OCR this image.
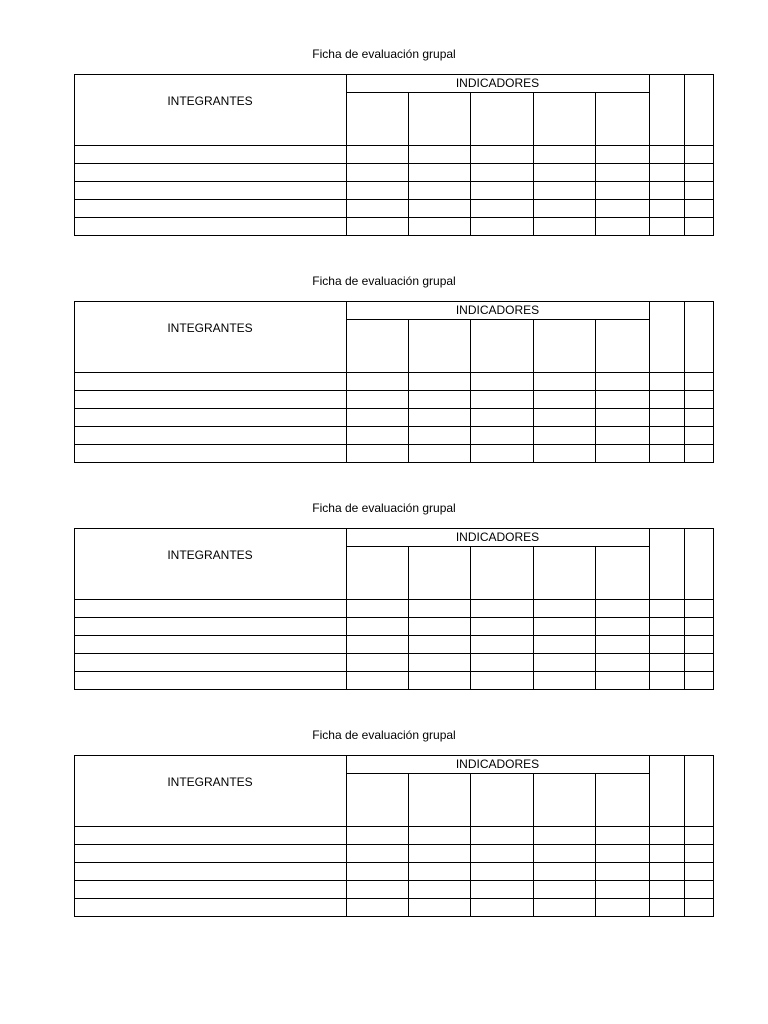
Ficha de evaluación grupal
INTEGRANTES
INDICADORES
Ficha de evaluación grupal
INTEGRANTES
INDICADORES
Ficha de evaluación grupal
INTEGRANTES
INDICADORES
Ficha de evaluación grupal
INTEGRANTES
INDICADORES
